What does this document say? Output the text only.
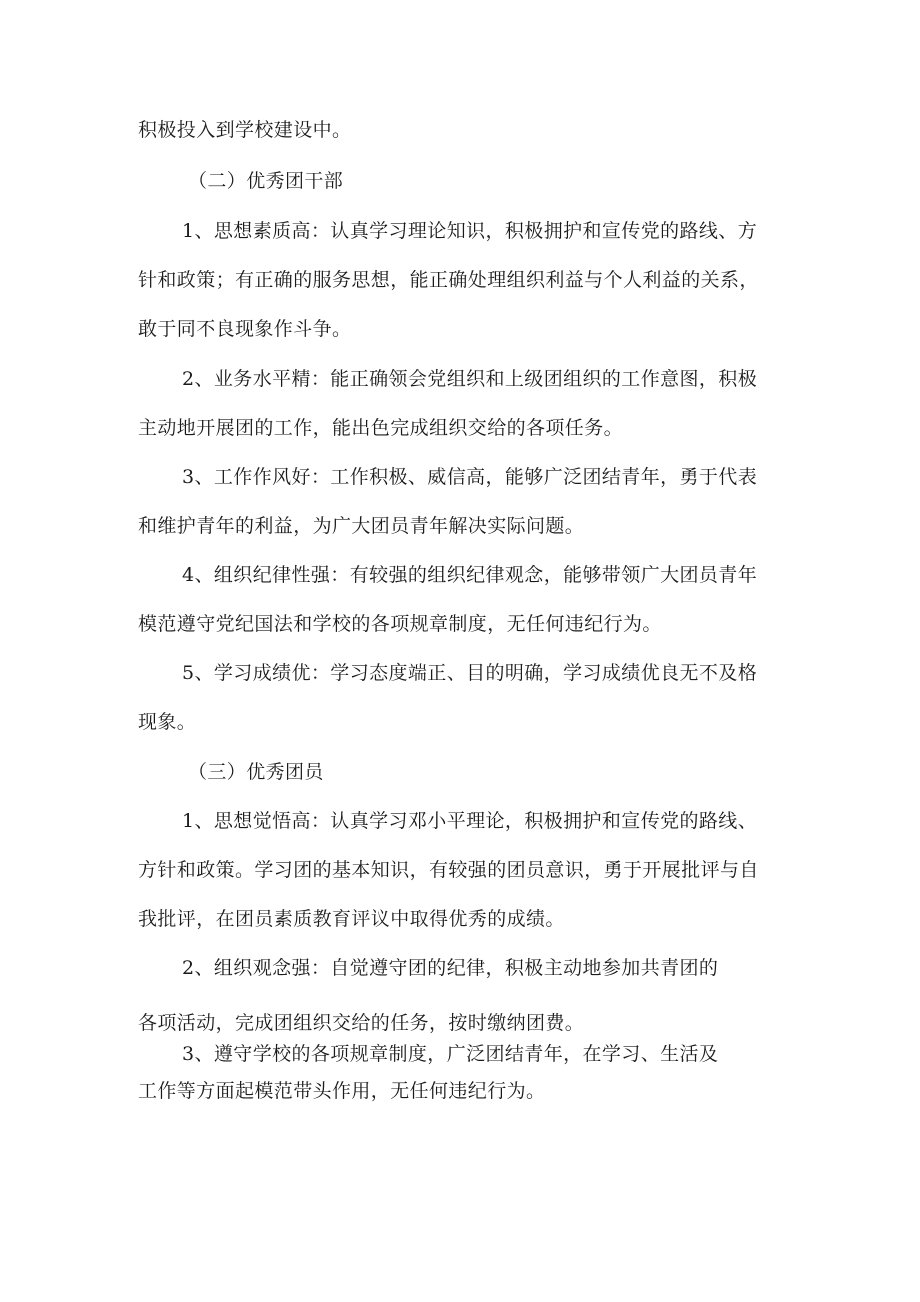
积极投入到学校建设中。
（二）优秀团干部
1、思想素质高：认真学习理论知识，积极拥护和宣传党的路线、方
针和政策；有正确的服务思想，能正确处理组织利益与个人利益的关系，
敢于同不良现象作斗争。
2、业务水平精：能正确领会党组织和上级团组织的工作意图，积极
主动地开展团的工作，能出色完成组织交给的各项任务。
3、工作作风好：工作积极、威信高，能够广泛团结青年，勇于代表
和维护青年的利益，为广大团员青年解决实际问题。
4、组织纪律性强：有较强的组织纪律观念，能够带领广大团员青年
模范遵守党纪国法和学校的各项规章制度，无任何违纪行为。
5、学习成绩优：学习态度端正、目的明确，学习成绩优良无不及格
现象。
（三）优秀团员
1、思想觉悟高：认真学习邓小平理论，积极拥护和宣传党的路线、
方针和政策。学习团的基本知识，有较强的团员意识，勇于开展批评与自
我批评，在团员素质教育评议中取得优秀的成绩。
2、组织观念强：自觉遵守团的纪律，积极主动地参加共青团的
各项活动，完成团组织交给的任务，按时缴纳团费。
3、遵守学校的各项规章制度，广泛团结青年，在学习、生活及
工作等方面起模范带头作用，无任何违纪行为。
